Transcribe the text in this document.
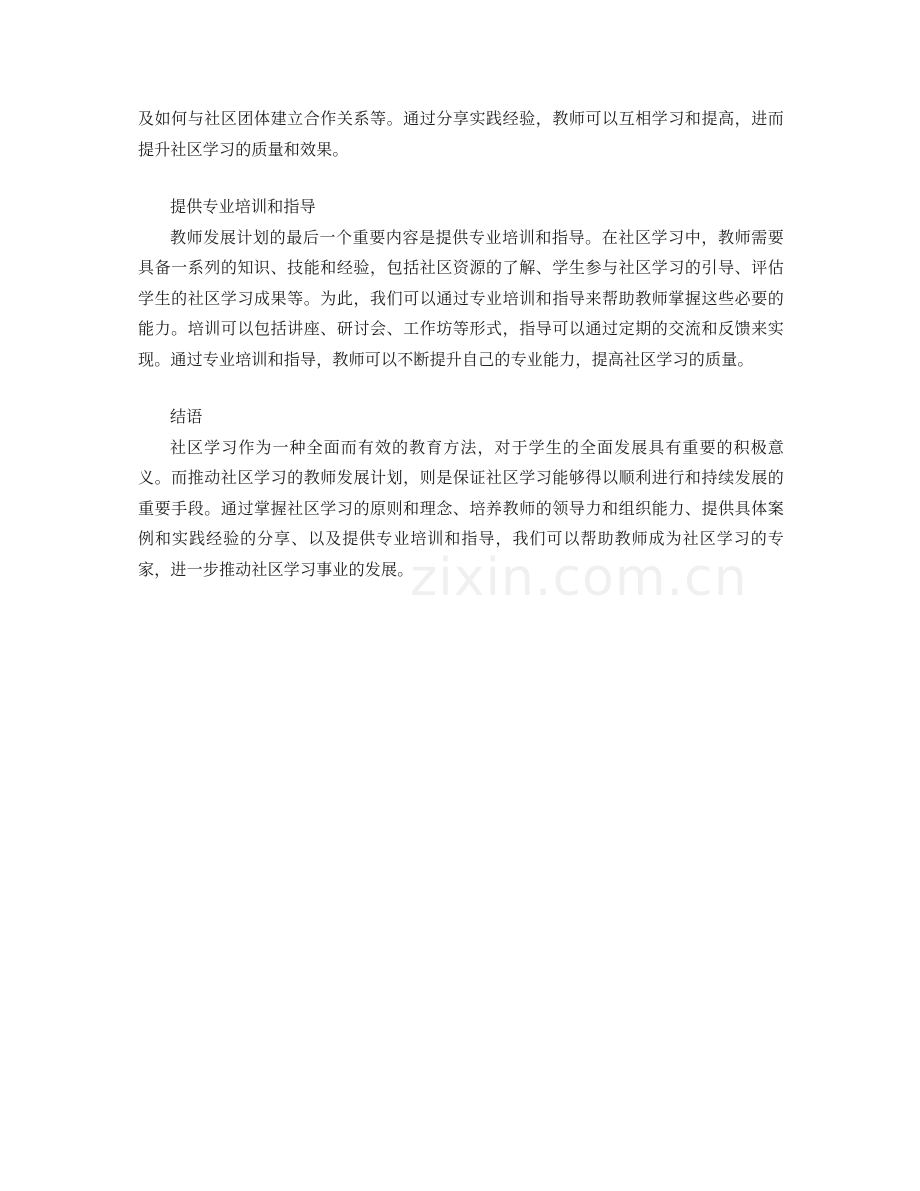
及如何与社区团体建立合作关系等。通过分享实践经验，教师可以互相学习和提高，进而提升社区学习的质量和效果。

提供专业培训和指导

教师发展计划的最后一个重要内容是提供专业培训和指导。在社区学习中，教师需要具备一系列的知识、技能和经验，包括社区资源的了解、学生参与社区学习的引导、评估学生的社区学习成果等。为此，我们可以通过专业培训和指导来帮助教师掌握这些必要的能力。培训可以包括讲座、研讨会、工作坊等形式，指导可以通过定期的交流和反馈来实现。通过专业培训和指导，教师可以不断提升自己的专业能力，提高社区学习的质量。

结语

社区学习作为一种全面而有效的教育方法，对于学生的全面发展具有重要的积极意义。而推动社区学习的教师发展计划，则是保证社区学习能够得以顺利进行和持续发展的重要手段。通过掌握社区学习的原则和理念、培养教师的领导力和组织能力、提供具体案例和实践经验的分享、以及提供专业培训和指导，我们可以帮助教师成为社区学习的专家，进一步推动社区学习事业的发展。

zixin.com.cn
